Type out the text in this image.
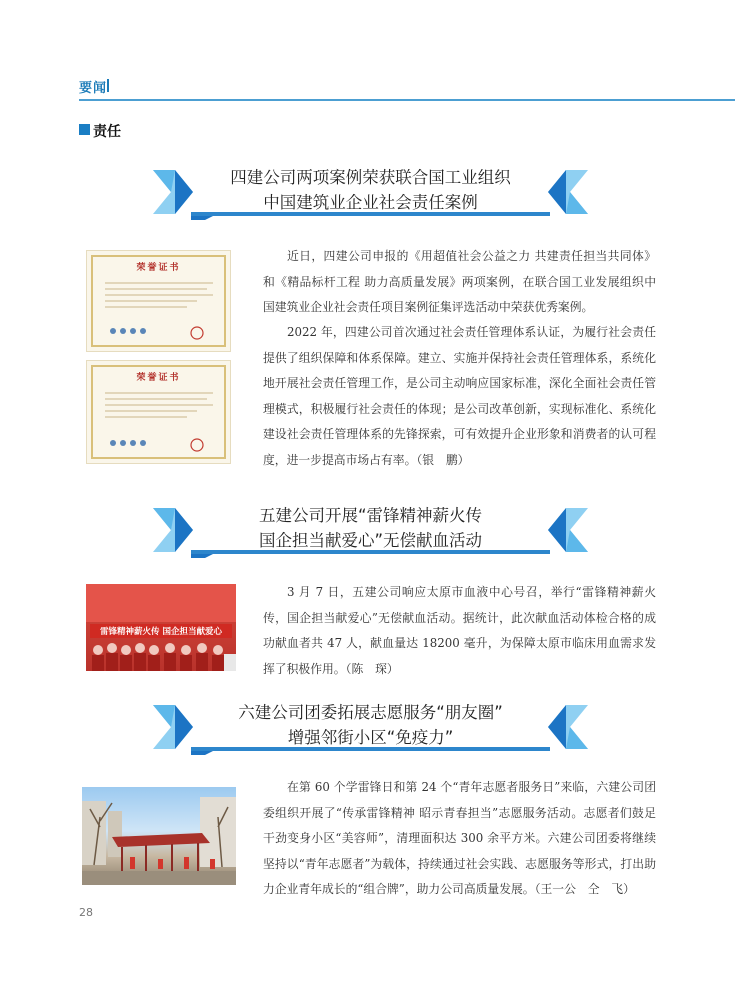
要闻
责任
四建公司两项案例荣获联合国工业组织
中国建筑业企业社会责任案例
荣誉证书
荣誉证书

近日，四建公司申报的《用超值社会公益之力 共建责任担当共同体》和《精品标杆工程 助力高质量发展》两项案例，在联合国工业发展组织中国建筑业企业社会责任项目案例征集评选活动中荣获优秀案例。

2022 年，四建公司首次通过社会责任管理体系认证，为履行社会责任提供了组织保障和体系保障。建立、实施并保持社会责任管理体系，系统化地开展社会责任管理工作，是公司主动响应国家标准，深化全面社会责任管理模式，积极履行社会责任的体现；是公司改革创新，实现标准化、系统化建设社会责任管理体系的先锋探索，可有效提升企业形象和消费者的认可程度，进一步提高市场占有率。（银　鹏）

五建公司开展“雷锋精神薪火传
国企担当献爱心”无偿献血活动
雷锋精神薪火传 国企担当献爱心

3 月 7 日，五建公司响应太原市血液中心号召，举行“雷锋精神薪火传，国企担当献爱心”无偿献血活动。据统计，此次献血活动体检合格的成功献血者共 47 人，献血量达 18200 毫升，为保障太原市临床用血需求发挥了积极作用。（陈　琛）

六建公司团委拓展志愿服务“朋友圈”
增强邻街小区“免疫力”

在第 60 个学雷锋日和第 24 个“青年志愿者服务日”来临，六建公司团委组织开展了“传承雷锋精神 昭示青春担当”志愿服务活动。志愿者们鼓足干劲变身小区“美容师”，清理面积达 300 余平方米。六建公司团委将继续坚持以“青年志愿者”为载体，持续通过社会实践、志愿服务等形式，打出助力企业青年成长的“组合牌”，助力公司高质量发展。（王一公　仝　飞）

28
